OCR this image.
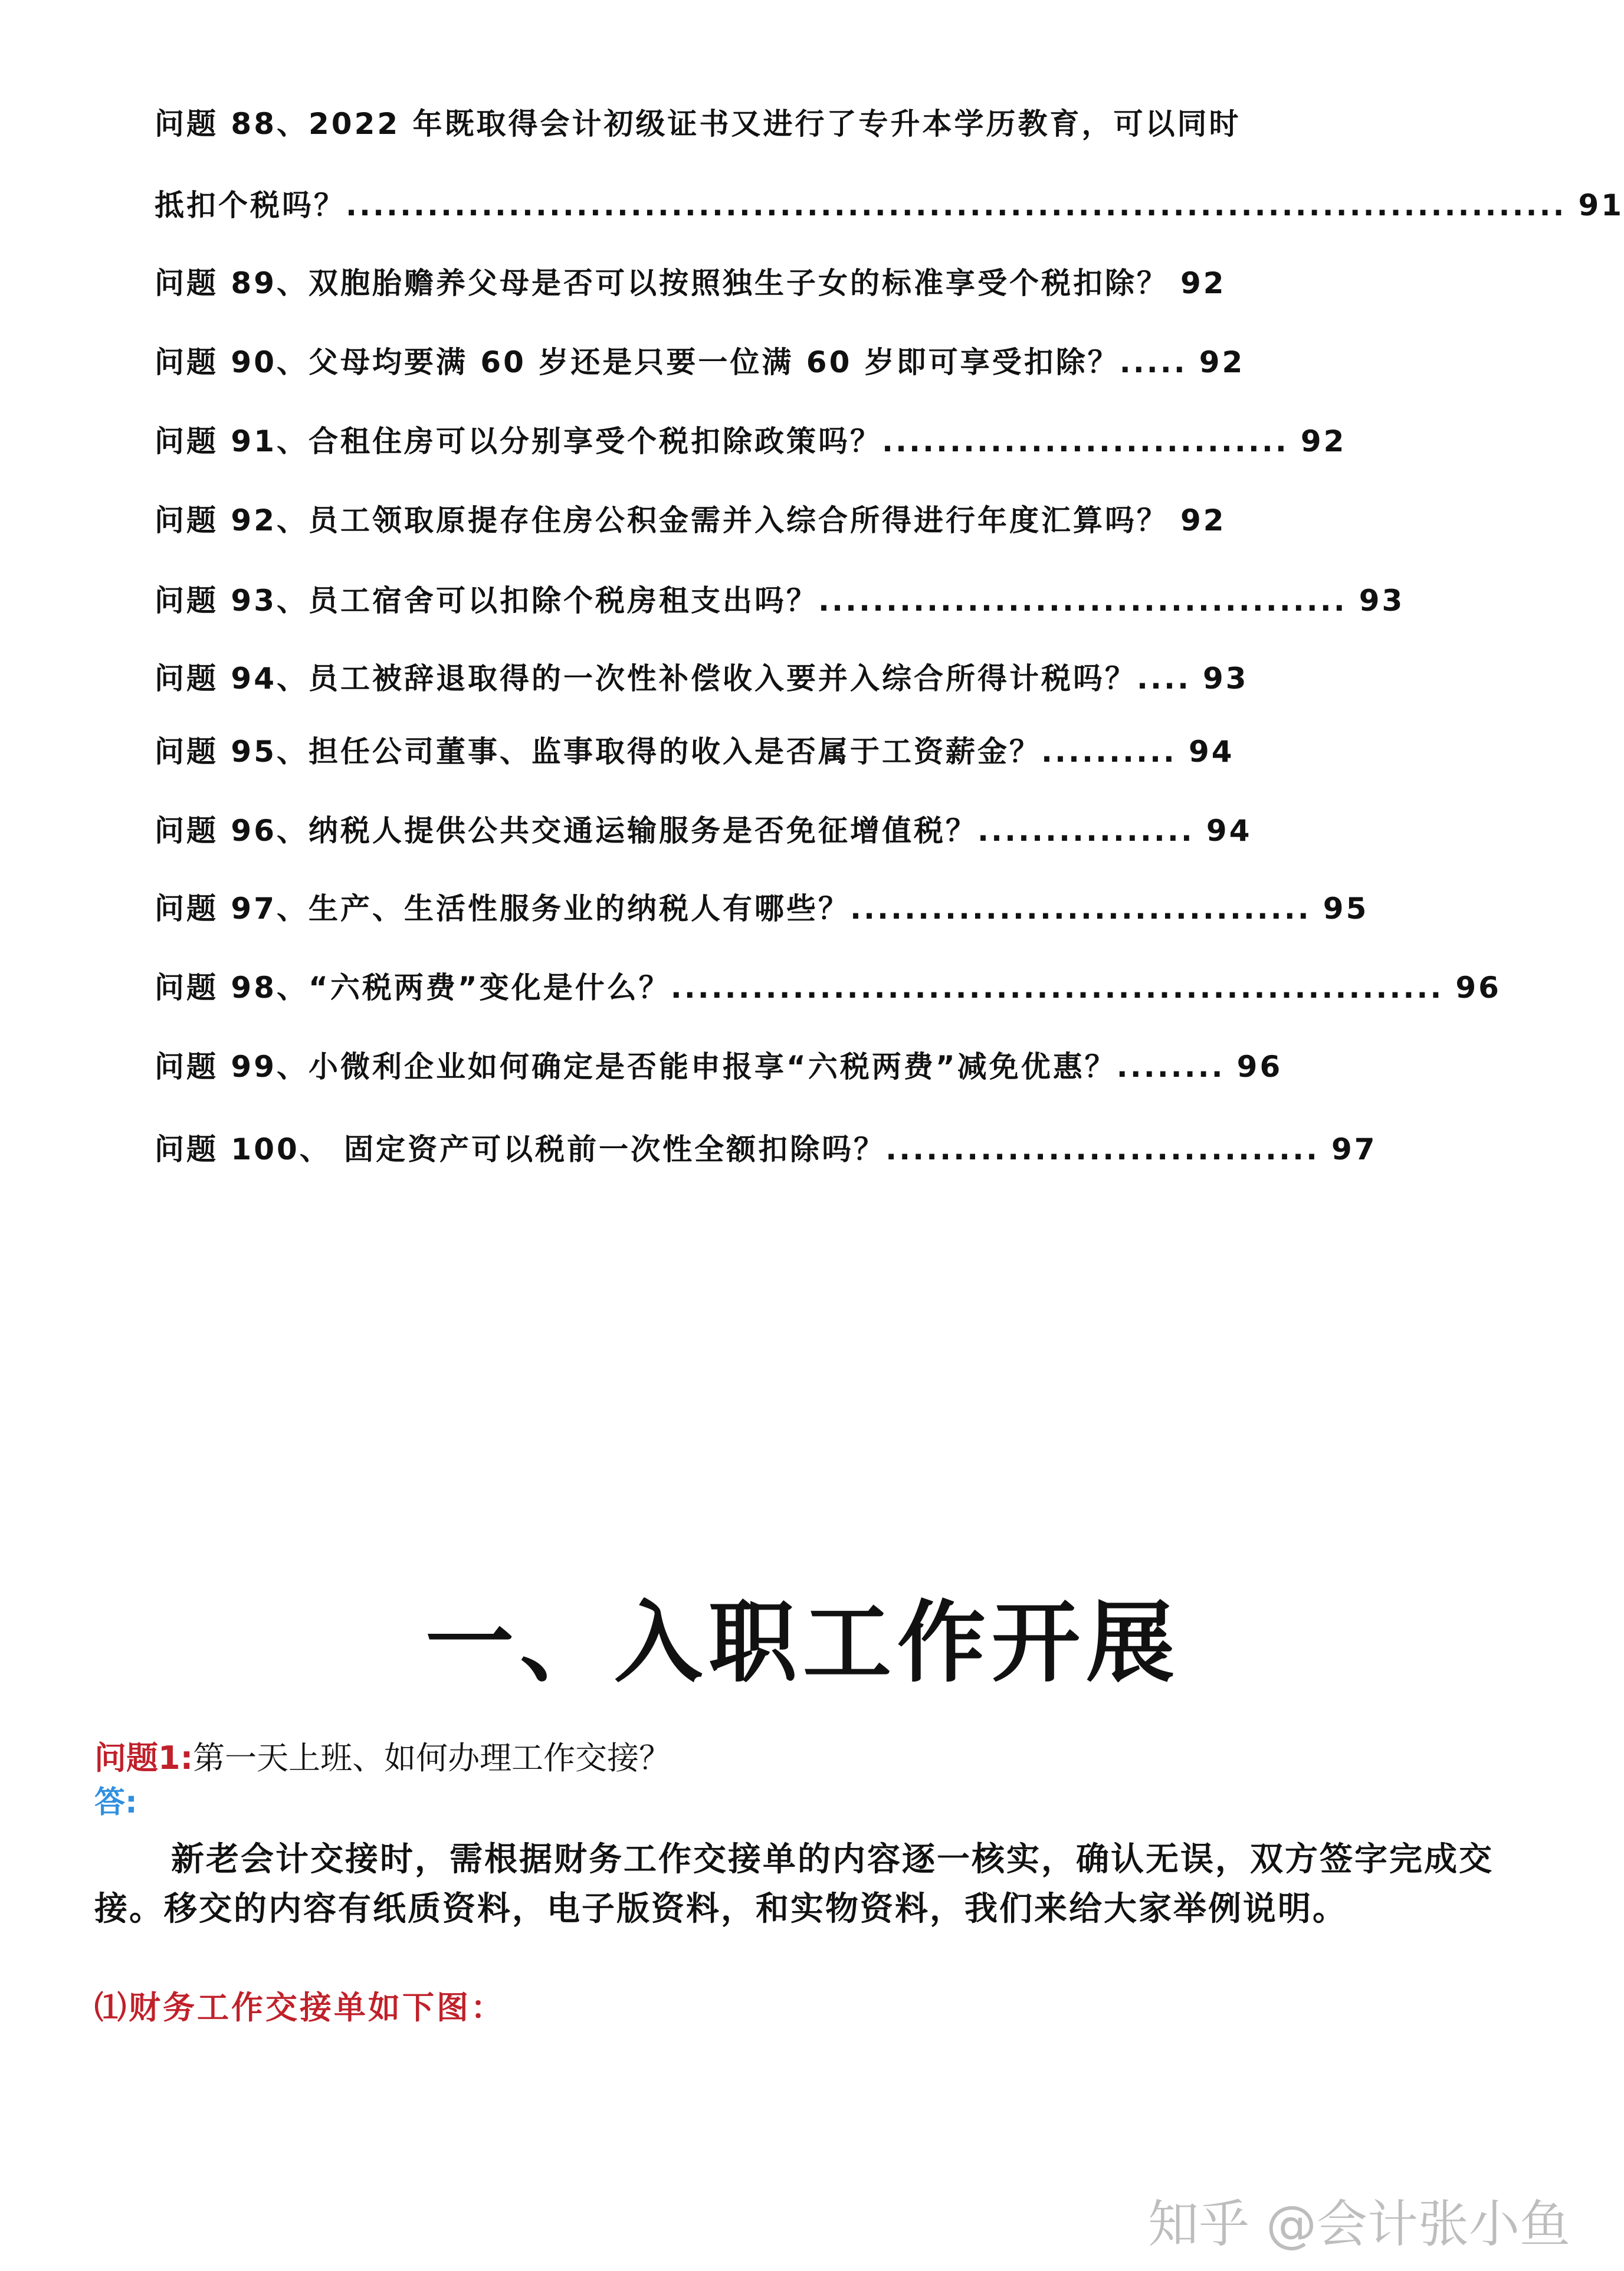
问题 88、2022 年既取得会计初级证书又进行了专升本学历教育，可以同时
抵扣个税吗？.......................................................................................... 91
问题 89、双胞胎赡养父母是否可以按照独生子女的标准享受个税扣除？ 92
问题 90、父母均要满 60 岁还是只要一位满 60 岁即可享受扣除？..... 92
问题 91、合租住房可以分别享受个税扣除政策吗？.............................. 92
问题 92、员工领取原提存住房公积金需并入综合所得进行年度汇算吗？ 92
问题 93、员工宿舍可以扣除个税房租支出吗？....................................... 93
问题 94、员工被辞退取得的一次性补偿收入要并入综合所得计税吗？.... 93
问题 95、担任公司董事、监事取得的收入是否属于工资薪金？.......... 94
问题 96、纳税人提供公共交通运输服务是否免征增值税？................ 94
问题 97、生产、生活性服务业的纳税人有哪些？.................................. 95
问题 98、“六税两费”变化是什么？......................................................... 96
问题 99、小微利企业如何确定是否能申报享“六税两费”减免优惠？........ 96
问题 100、 固定资产可以税前一次性全额扣除吗？................................ 97
一、入职工作开展
问题1:第一天上班、如何办理工作交接？
答:
新老会计交接时，需根据财务工作交接单的内容逐一核实，确认无误，双方签字完成交接。移交的内容有纸质资料，电子版资料，和实物资料，我们来给大家举例说明。
⑴财务工作交接单如下图：
知乎 @会计张小鱼
